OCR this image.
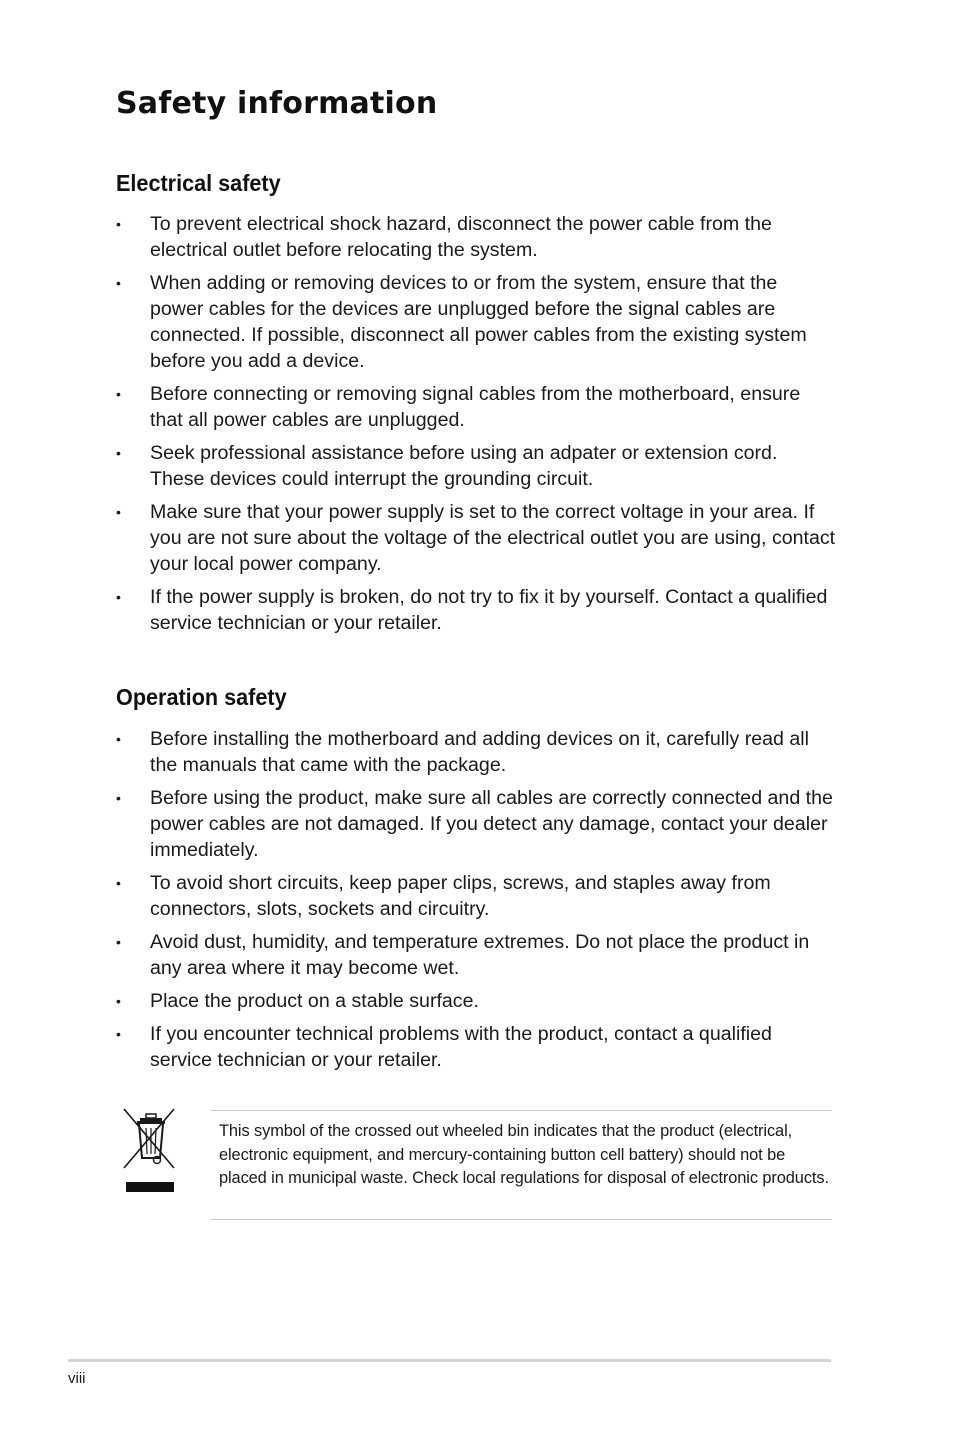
Safety information
Electrical safety
• To prevent electrical shock hazard, disconnect the power cable from the electrical outlet before relocating the system.
• When adding or removing devices to or from the system, ensure that the power cables for the devices are unplugged before the signal cables are connected. If possible, disconnect all power cables from the existing system before you add a device.
• Before connecting or removing signal cables from the motherboard, ensure that all power cables are unplugged.
• Seek professional assistance before using an adpater or extension cord. These devices could interrupt the grounding circuit.
• Make sure that your power supply is set to the correct voltage in your area. If you are not sure about the voltage of the electrical outlet you are using, contact your local power company.
• If the power supply is broken, do not try to fix it by yourself. Contact a qualified service technician or your retailer.
Operation safety
• Before installing the motherboard and adding devices on it, carefully read all the manuals that came with the package.
• Before using the product, make sure all cables are correctly connected and the power cables are not damaged. If you detect any damage, contact your dealer immediately.
• To avoid short circuits, keep paper clips, screws, and staples away from connectors, slots, sockets and circuitry.
• Avoid dust, humidity, and temperature extremes. Do not place the product in any area where it may become wet.
• Place the product on a stable surface.
• If you encounter technical problems with the product, contact a qualified service technician or your retailer.

This symbol of the crossed out wheeled bin indicates that the product (electrical, electronic equipment, and mercury-containing button cell battery) should not be placed in municipal waste. Check local regulations for disposal of electronic products.

viii
